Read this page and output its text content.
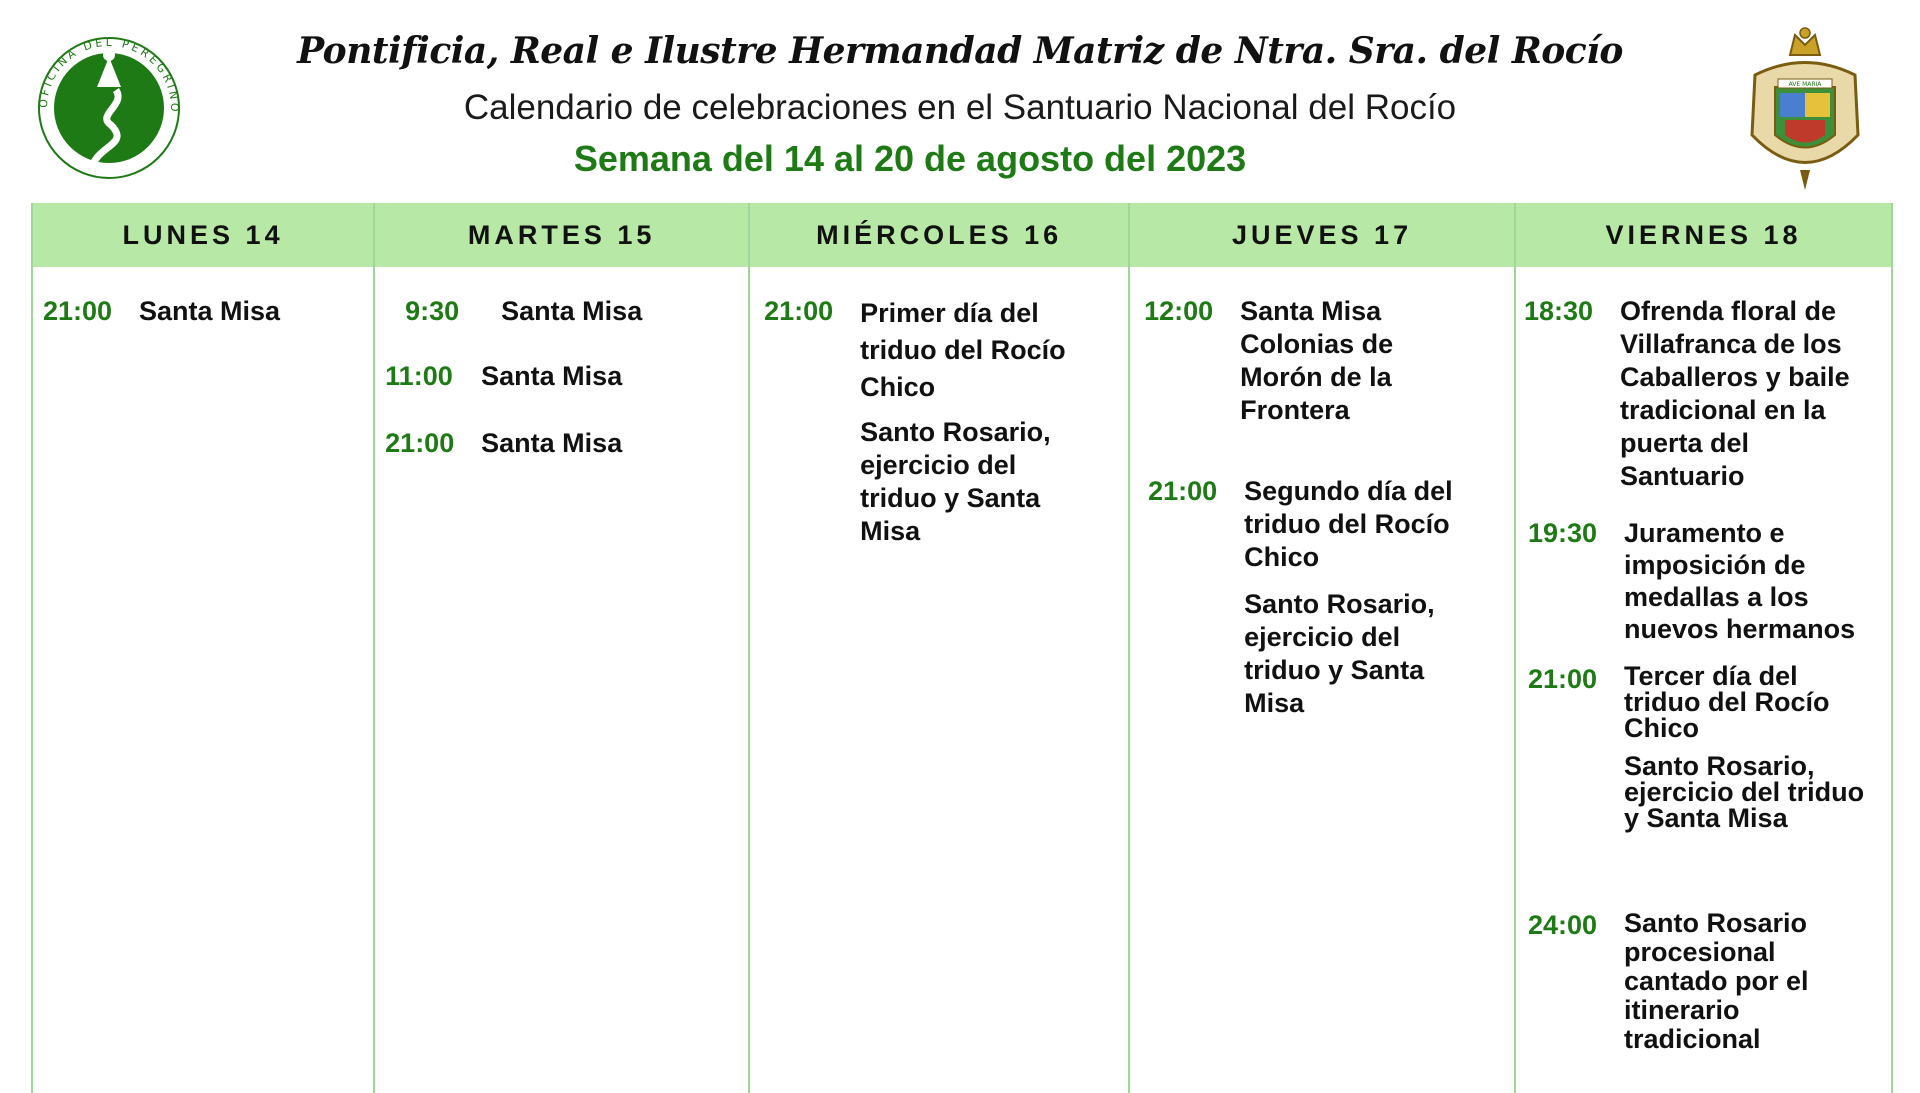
OFICINA DEL PEREGRINO
Pontificia, Real e Ilustre Hermandad Matriz de Ntra. Sra. del Rocío
Calendario de celebraciones en el Santuario Nacional del Rocío
Semana del 14 al 20 de agosto del 2023
AVE MARIA
LUNES 14
21:00 Santa Misa
MARTES 15
9:30	Santa Misa
11:00	Santa Misa
21:00 Santa Misa
MIÉRCOLES 16
21:00 Primer día del triduo del Rocío Chico
Santo Rosario, ejercicio del triduo y Santa Misa
JUEVES 17
12:00 Santa Misa Colonias de Morón de la Frontera
21:00 Segundo día del triduo del Rocío Chico
Santo Rosario, ejercicio del triduo y Santa Misa
VIERNES 18
18:30 Ofrenda floral de Villafranca de los Caballeros y baile tradicional en la puerta del Santuario
19:30 Juramento e imposición de medallas a los nuevos hermanos
21:00 Tercer día del triduo del Rocío Chico
Santo Rosario, ejercicio del triduo y Santa Misa
24:00 Santo Rosario procesional cantado por el itinerario tradicional
